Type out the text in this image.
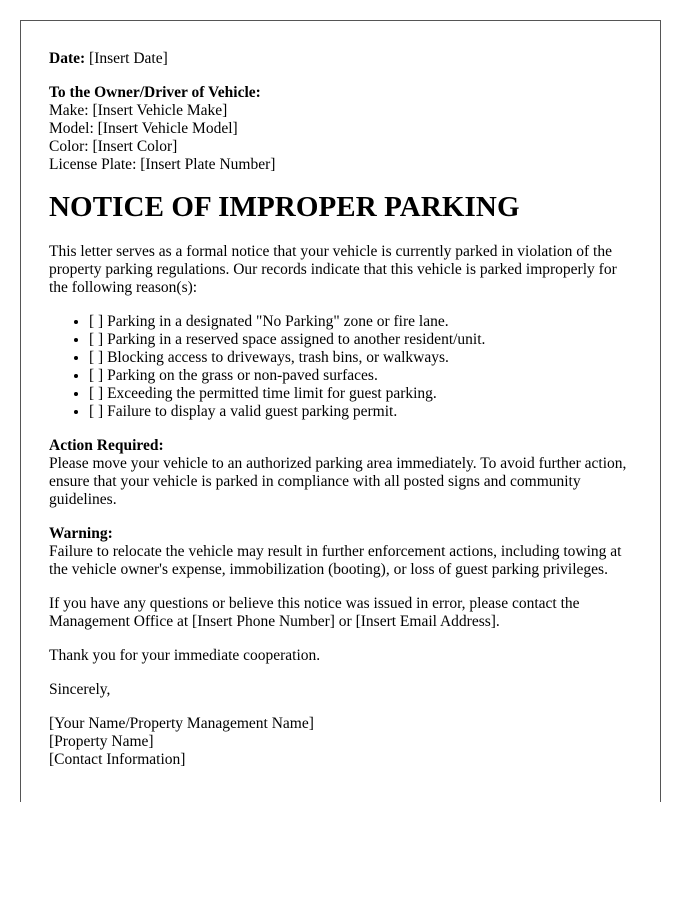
Date: [Insert Date]
To the Owner/Driver of Vehicle:
Make: [Insert Vehicle Make]
Model: [Insert Vehicle Model]
Color: [Insert Color]
License Plate: [Insert Plate Number]
NOTICE OF IMPROPER PARKING

This letter serves as a formal notice that your vehicle is currently parked in violation of the property parking regulations. Our records indicate that this vehicle is parked improperly for the following reason(s):

• [ ] Parking in a designated "No Parking" zone or fire lane.
• [ ] Parking in a reserved space assigned to another resident/unit.
• [ ] Blocking access to driveways, trash bins, or walkways.
• [ ] Parking on the grass or non-paved surfaces.
• [ ] Exceeding the permitted time limit for guest parking.
• [ ] Failure to display a valid guest parking permit.
Action Required:
Please move your vehicle to an authorized parking area immediately. To avoid further action, ensure that your vehicle is parked in compliance with all posted signs and community guidelines.
Warning:
Failure to relocate the vehicle may result in further enforcement actions, including towing at the vehicle owner's expense, immobilization (booting), or loss of guest parking privileges.

If you have any questions or believe this notice was issued in error, please contact the Management Office at [Insert Phone Number] or [Insert Email Address].

Thank you for your immediate cooperation.

Sincerely,

[Your Name/Property Management Name]
[Property Name]
[Contact Information]
